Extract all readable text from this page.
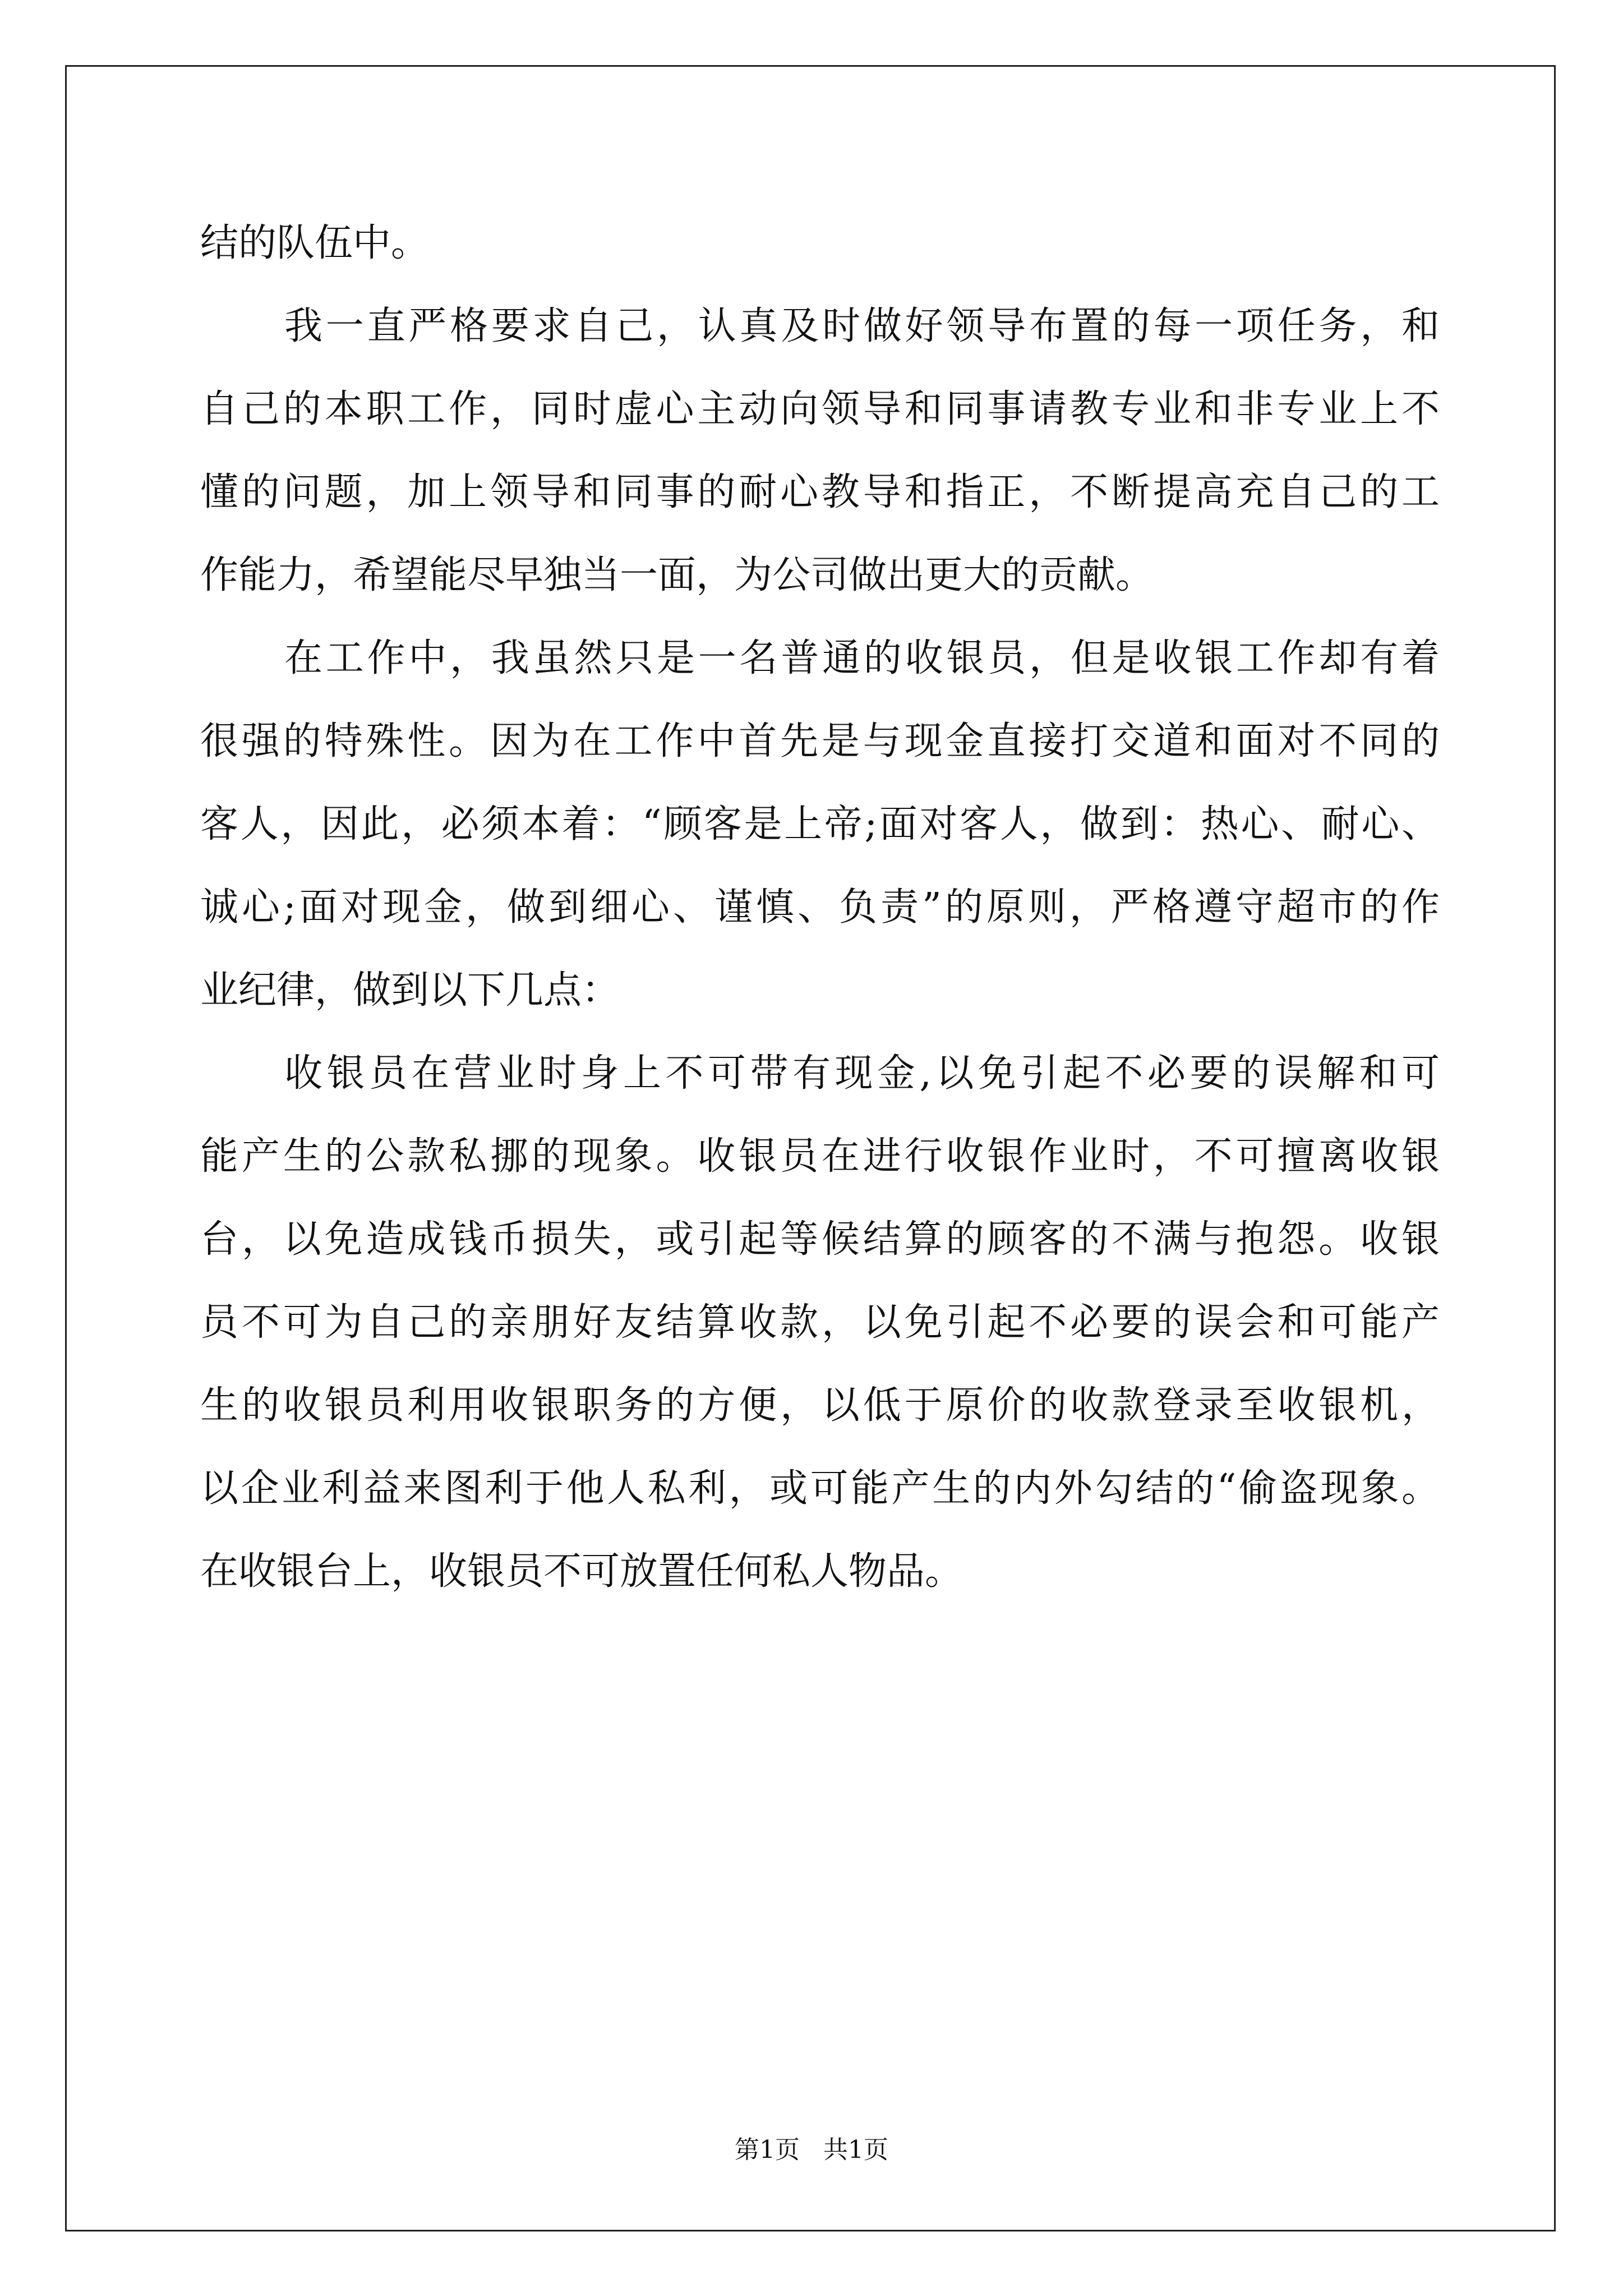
结的队伍中。

我一直严格要求自己，认真及时做好领导布置的每一项任务，和
自己的本职工作，同时虚心主动向领导和同事请教专业和非专业上不
懂的问题，加上领导和同事的耐心教导和指正，不断提高充自己的工
作能力，希望能尽早独当一面，为公司做出更大的贡献。

在工作中，我虽然只是一名普通的收银员，但是收银工作却有着
很强的特殊性。因为在工作中首先是与现金直接打交道和面对不同的
客人，因此，必须本着：“顾客是上帝;面对客人，做到：热心、耐心、
诚心;面对现金，做到细心、谨慎、负责”的原则，严格遵守超市的作
业纪律，做到以下几点：

收银员在营业时身上不可带有现金,以免引起不必要的误解和可
能产生的公款私挪的现象。收银员在进行收银作业时，不可擅离收银
台，以免造成钱币损失，或引起等候结算的顾客的不满与抱怨。收银
员不可为自己的亲朋好友结算收款，以免引起不必要的误会和可能产
生的收银员利用收银职务的方便，以低于原价的收款登录至收银机，
以企业利益来图利于他人私利，或可能产生的内外勾结的“偷盗现象。
在收银台上，收银员不可放置任何私人物品。

第1页 共1页
